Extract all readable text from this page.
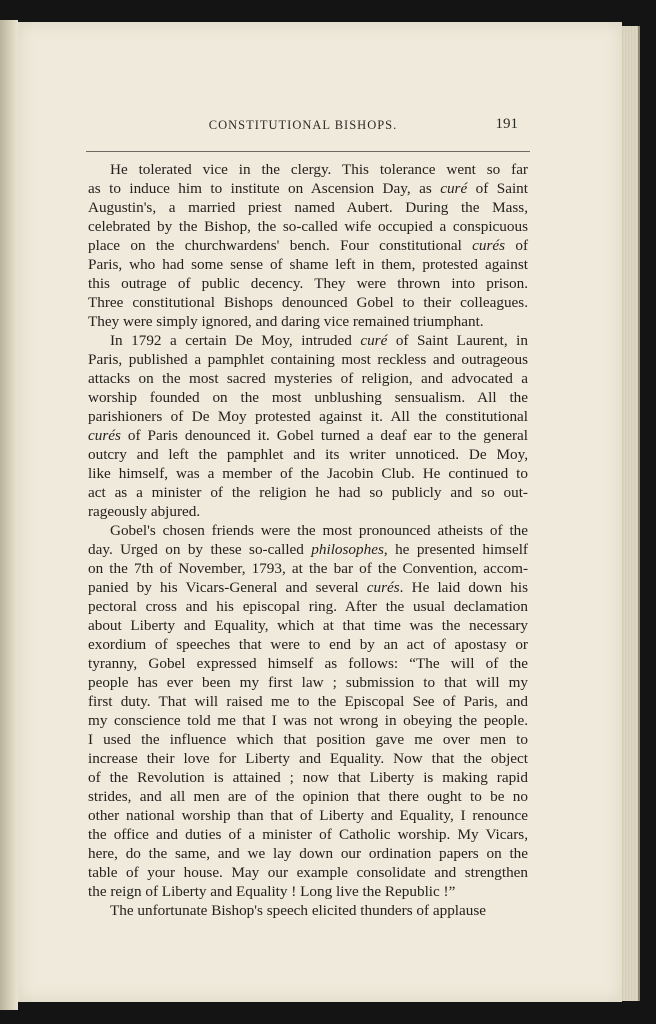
CONSTITUTIONAL BISHOPS.	191
He tolerated vice in the clergy. This tolerance went so far
as to induce him to institute on Ascension Day, as curé of Saint
Augustin's, a married priest named Aubert. During the Mass,
celebrated by the Bishop, the so-called wife occupied a conspicuous
place on the churchwardens' bench. Four constitutional curés of
Paris, who had some sense of shame left in them, protested against
this outrage of public decency. They were thrown into prison.
Three constitutional Bishops denounced Gobel to their colleagues.
They were simply ignored, and daring vice remained triumphant.
In 1792 a certain De Moy, intruded curé of Saint Laurent, in
Paris, published a pamphlet containing most reckless and outrageous
attacks on the most sacred mysteries of religion, and advocated a
worship founded on the most unblushing sensualism. All the
parishioners of De Moy protested against it. All the constitutional
curés of Paris denounced it. Gobel turned a deaf ear to the general
outcry and left the pamphlet and its writer unnoticed. De Moy,
like himself, was a member of the Jacobin Club. He continued to
act as a minister of the religion he had so publicly and so out-
rageously abjured.
Gobel's chosen friends were the most pronounced atheists of the
day. Urged on by these so-called philosophes, he presented himself
on the 7th of November, 1793, at the bar of the Convention, accom-
panied by his Vicars-General and several curés. He laid down his
pectoral cross and his episcopal ring. After the usual declamation
about Liberty and Equality, which at that time was the necessary
exordium of speeches that were to end by an act of apostasy or
tyranny, Gobel expressed himself as follows: “The will of the
people has ever been my first law ; submission to that will my
first duty. That will raised me to the Episcopal See of Paris, and
my conscience told me that I was not wrong in obeying the people.
I used the influence which that position gave me over men to
increase their love for Liberty and Equality. Now that the object
of the Revolution is attained ; now that Liberty is making rapid
strides, and all men are of the opinion that there ought to be no
other national worship than that of Liberty and Equality, I renounce
the office and duties of a minister of Catholic worship. My Vicars,
here, do the same, and we lay down our ordination papers on the
table of your house. May our example consolidate and strengthen
the reign of Liberty and Equality ! Long live the Republic !”
The unfortunate Bishop's speech elicited thunders of applause
